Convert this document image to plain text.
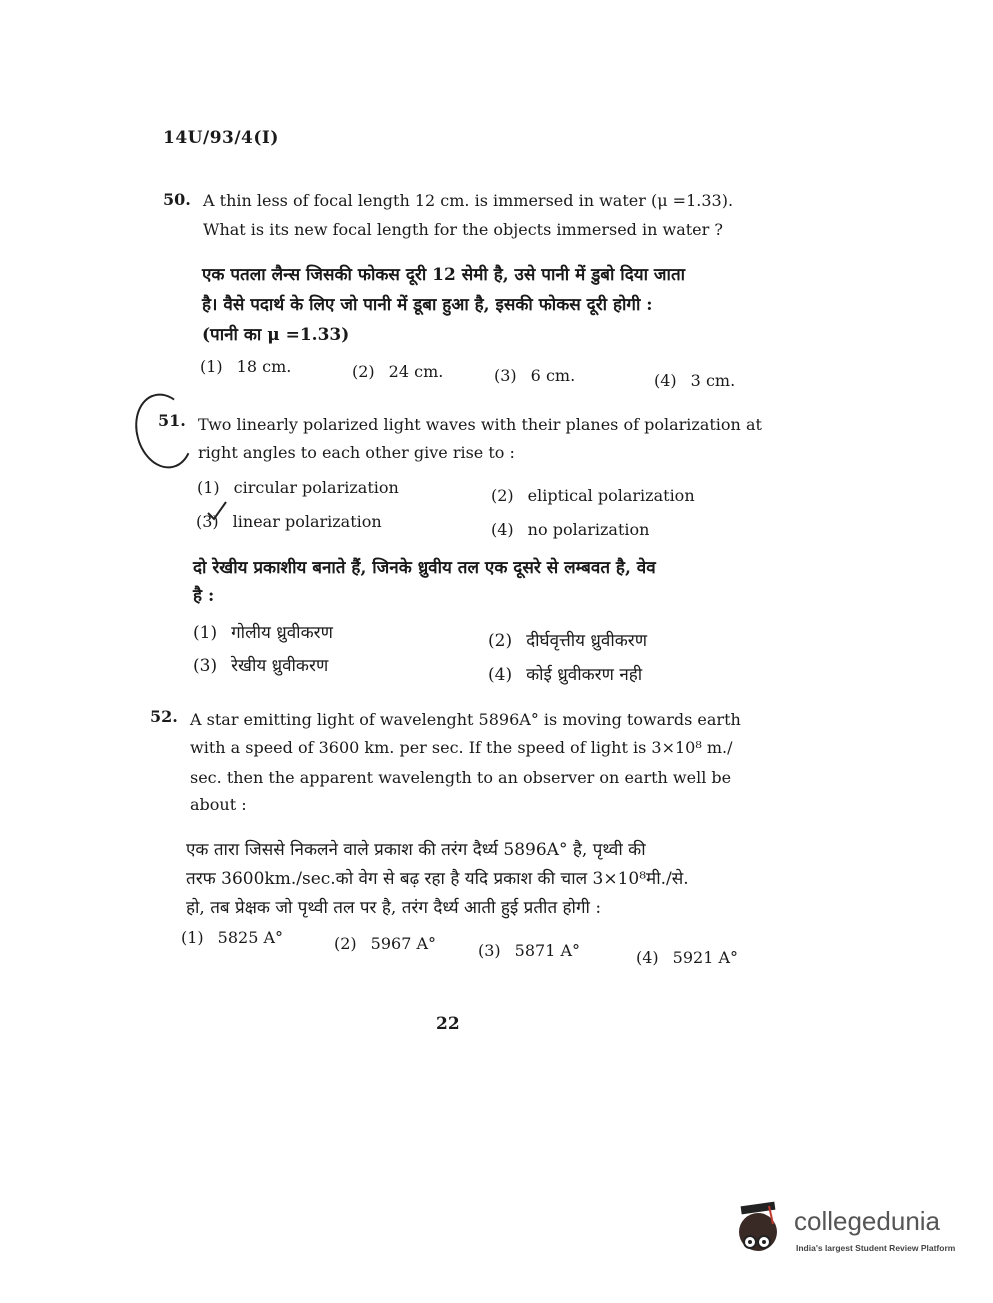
14U/93/4(I)
50. A thin less of focal length 12 cm. is immersed in water (μ =1.33).
What is its new focal length for the objects immersed in water ?
एक पतला लैन्स जिसकी फोकस दूरी 12 सेमी है, उसे पानी में डुबो दिया जाता
है। वैसे पदार्थ के लिए जो पानी में डूबा हुआ है, इसकी फोकस दूरी होगी :
(पानी का μ =1.33)
(1) 18 cm.	(2) 24 cm.	(3) 6 cm.	(4) 3 cm.
51. Two linearly polarized light waves with their planes of polarization at
right angles to each other give rise to :
(1) circular polarization	(2) eliptical polarization
(3) linear polarization	(4) no polarization
दो रेखीय प्रकाशीय बनाते हैं, जिनके ध्रुवीय तल एक दूसरे से लम्बवत है, वेव
है :
(1) गोलीय ध्रुवीकरण	(2) दीर्घवृत्तीय ध्रुवीकरण
(3) रेखीय ध्रुवीकरण	(4) कोई ध्रुवीकरण नही
52. A star emitting light of wavelenght 5896A° is moving towards earth
with a speed of 3600 km. per sec. If the speed of light is 3×10⁸ m./
sec. then the apparent wavelength to an observer on earth well be
about :
एक तारा जिससे निकलने वाले प्रकाश की तरंग दैर्ध्य 5896A° है, पृथ्वी की
तरफ 3600km./sec.को वेग से बढ़ रहा है यदि प्रकाश की चाल 3×10⁸मी./से.
हो, तब प्रेक्षक जो पृथ्वी तल पर है, तरंग दैर्ध्य आती हुई प्रतीत होगी :
(1) 5825 A°	(2) 5967 A°	(3) 5871 A°	(4) 5921 A°
22
collegedunia
India's largest Student Review Platform
